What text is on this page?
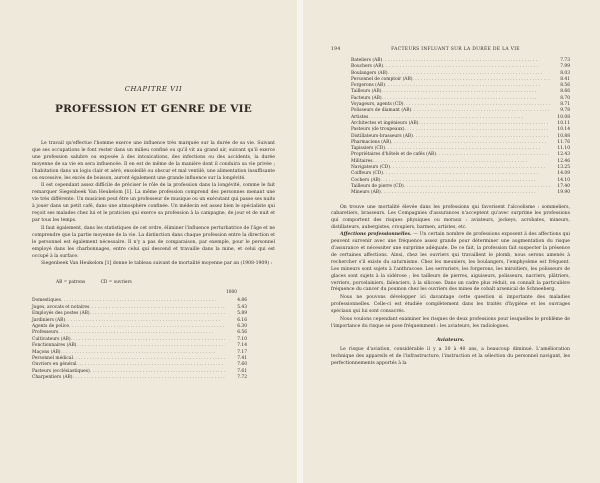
CHAPITRE VII
PROFESSION ET GENRE DE VIE

Le travail qu'effectue l'homme exerce une influence très marquée sur la durée de sa vie. Suivant que ses occupations le font rester dans un milieu confiné ou qu'il vit au grand air, suivant qu'il exerce une profession salubre ou exposée à des intoxications, des infections ou des accidents, la durée moyenne de sa vie en sera influencée. Il en est de même de la manière dont il conduira sa vie privée ; l'habitation dans un logis clair et aéré, ensoleillé ou obscur et mal ventilé, une alimentation insuffisante ou excessive, les excès de boisson, auront également une grande influence sur la longévité.

Il est cependant assez difficile de préciser le rôle de la profession dans la longévité, comme le fait remarquer Siegenbeek Van Heukelom [1]. La même profession comprend des personnes menant une vie très différente. Un musicien peut être un professeur de musique ou un exécutant qui passe ses nuits à jouer dans un petit café, dans une atmosphère confinée. Un médecin est assez bien le spécialiste qui reçoit ses malades chez lui et le praticien qui exerce sa profession à la campagne, de jour et de nuit et par tous les temps.

Il faut également, dans les statistiques de cet ordre, éliminer l'influence perturbatrice de l'âge et ne comprendre que la partie moyenne de la vie. La distinction dans chaque profession entre la direction et le personnel est également nécessaire. Il n'y a pas de comparaison, par exemple, pour le personnel employé dans les charbonnages, entre celui qui descend et travaille dans la mine, et celui qui est occupé à la surface.

Siegenbeek Van Heukelom [1] donne le tableau suivant de mortalité moyenne par an (1908-1909) :

AB = patrons	CD = ouvriers
1000
Domestiques . . .	4.86
Juges, avocats et notaires . . .	5.43
Employés des postes (AB) . . .	5.89
Jardiniers (AB) . . .	6.16
Agents de police . . .	6.30
Professeurs . . .	6.56
Cultivateurs (AB) . . .	7.10
Fonctionnaires (AB) . . .	7.14
Maçons (AB) . . .	7.17
Personnel médical . . .	7.41
Ouvriers en général . . .	7.60
Pasteurs (ecclésiastiques) . . .	7.61
Charpentiers (AB) . . .	7.72
194	FACTEURS INFLUANT SUR LA DURÉE DE LA VIE
Bateliers (AB) . . .	7.73
Bouchers (AB) . . .	7.99
Boulangers (AB) . . .	8.03
Personnel de comptoir (AB) . . .	8.41
Forgerons (AB) . . .	8.56
Tailleurs (AB) . . .	8.66
Facteurs (AB) . . .	8.70
Voyageurs, agents (CD) . . .	8.71
Polisseurs de diamant (AB) . . .	9.78
Artistes . . .	10.08
Architectes et ingénieurs (AB) . . .	10.11
Pasteurs (de troupeaux) . . .	10.14
Distillateurs-brasseurs (AB) . . .	10.88
Pharmaciens (AB) . . .	11.76
Tapissiers (CD) . . .	11.10
Propriétaires d'hôtels et de cafés (AB) . . .	12.43
Militaires . . .	12.46
Navigateurs (CD) . . .	13.25
Coiffeurs (CD) . . .	14.09
Cochers (AB) . . .	14.10
Tailleurs de pierre (CD) . . .	17.40
Mineurs (AB) . . .	19.90

On trouve une mortalité élevée dans les professions qui favorisent l'alcoolisme : sommeliers, cabaretiers, brasseurs. Les Compagnies d'assurances n'acceptent qu'avec surprime les professions qui comportent des risques physiques ou moraux : aviateurs, jockeys, acrobates, mineurs, distillateurs, aubergistes, croupiers, barmen, artistes, etc.

Affections professionnelles. — Un certain nombre de professions exposent à des affections qui peuvent survenir avec une fréquence assez grande pour déterminer une augmentation du risque d'assurance et nécessiter une surprime adéquate. De ce fait, la profession fait suspecter la présence de certaines affections. Ainsi, chez les ouvriers qui travaillent le plomb, nous serons amenés à rechercher s'il existe du saturnisme. Chez les meuniers, les boulangers, l'emphysème est fréquent. Les mineurs sont sujets à l'anthracose. Les serruriers, les forgerons, les miroitiers, les polisseurs de glaces sont sujets à la sidérose ; les tailleurs de pierres, aiguiseurs, polisseurs, nacriers, plâtriers, verriers, porcelainiers, faïenciers, à la silicose. Dans un cadre plus réduit, on connaît la particulière fréquence du cancer du poumon chez les ouvriers des mines de cobalt arsenical de Schneeberg.

Nous ne pouvons développer ici davantage cette question si importante des maladies professionnelles. Celle-ci est étudiée complètement dans les traités d'hygiène et les ouvrages spéciaux qui lui sont consacrés.

Nous voulons cependant examiner les risques de deux professions pour lesquelles le problème de l'importance du risque se pose fréquemment : les aviateurs, les radiologues.

Aviateurs.

Le risque d'aviation, considérable il y a 30 à 40 ans, a beaucoup diminué. L'amélioration technique des appareils et de l'infrastructure, l'instruction et la sélection du personnel navigant, les perfectionnements apportés à la
